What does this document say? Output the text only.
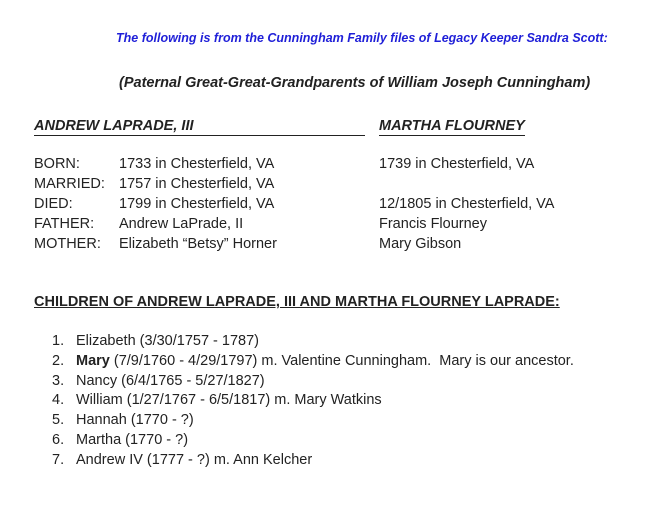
The following is from the Cunningham Family files of Legacy Keeper Sandra Scott:
(Paternal Great-Great-Grandparents of William Joseph Cunningham)
ANDREW LAPRADE, III	MARTHA FLOURNEY
BORN:	1733 in Chesterfield, VA	1739 in Chesterfield, VA
MARRIED: 1757 in Chesterfield, VA
DIED:	1799 in Chesterfield, VA	12/1805 in Chesterfield, VA
FATHER: Andrew LaPrade, II	Francis Flourney
MOTHER: Elizabeth “Betsy” Horner	Mary Gibson
CHILDREN OF ANDREW LAPRADE, III AND MARTHA FLOURNEY LAPRADE:
1. Elizabeth (3/30/1757 - 1787)
2. Mary (7/9/1760 - 4/29/1797) m. Valentine Cunningham.  Mary is our ancestor.
3. Nancy (6/4/1765 - 5/27/1827)
4. William (1/27/1767 - 6/5/1817) m. Mary Watkins
5. Hannah (1770 - ?)
6. Martha (1770 - ?)
7. Andrew IV (1777 - ?) m. Ann Kelcher
